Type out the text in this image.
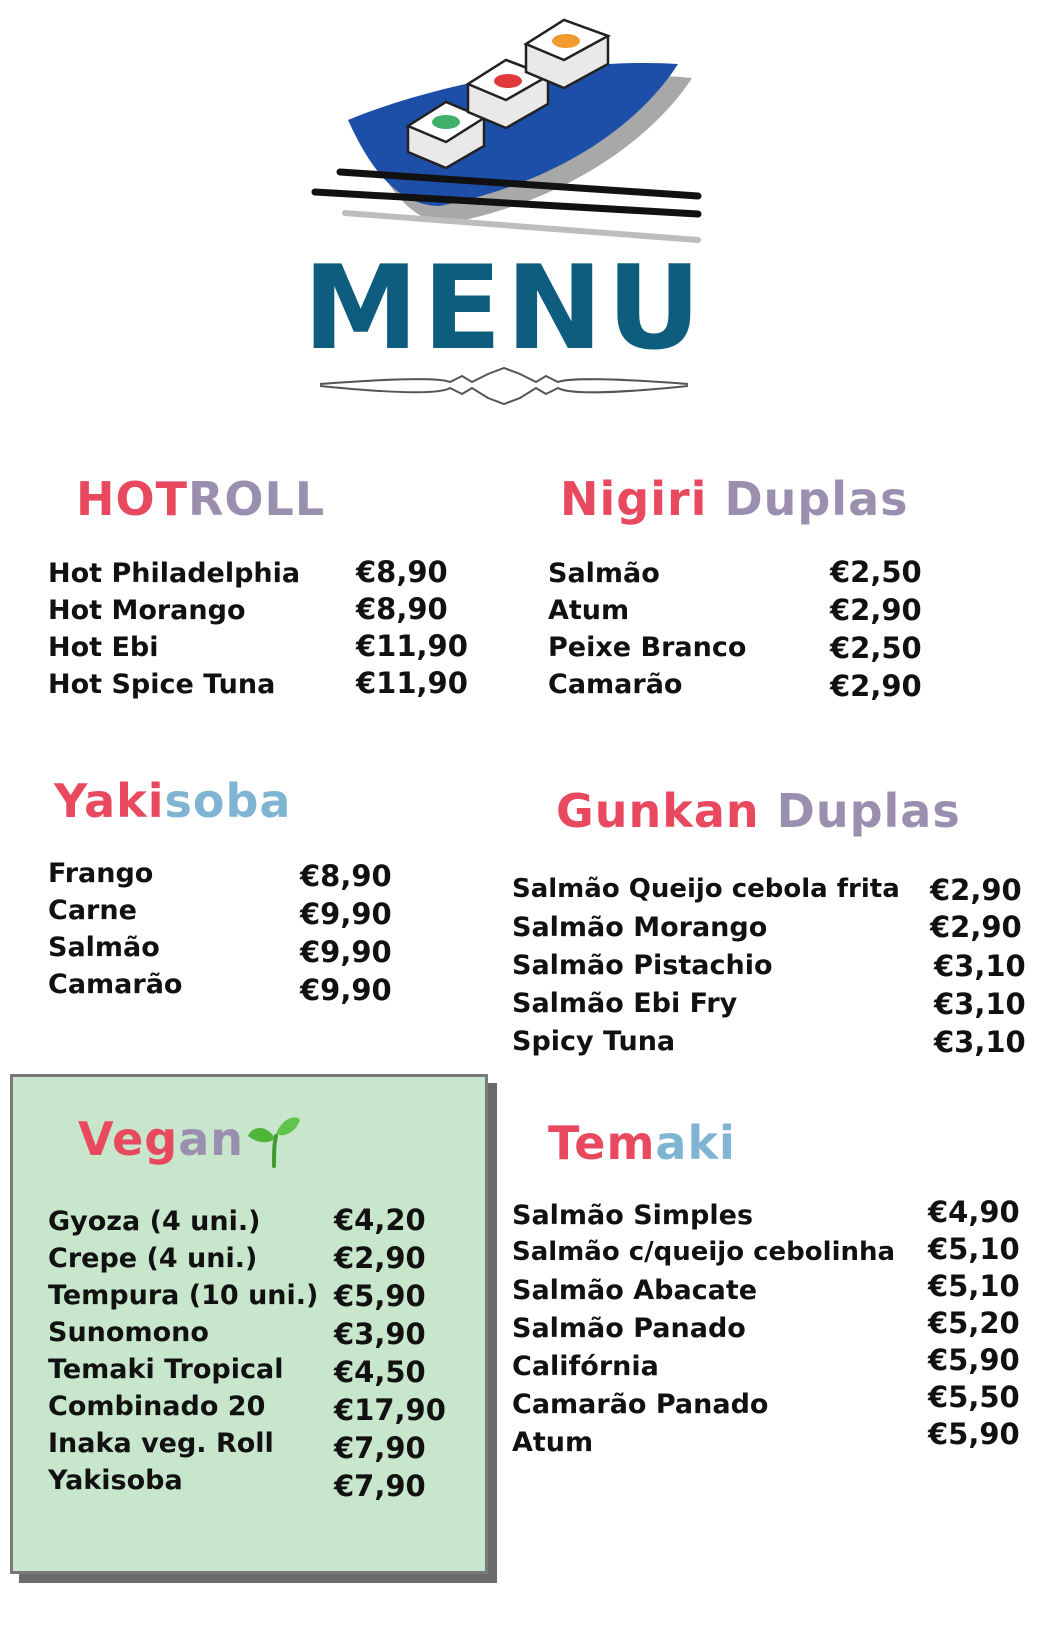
MENU
HOTROLL
Hot Philadelphia €8,90
Hot Morango	€8,90
Hot Ebi	€11,90
Hot Spice Tuna	€11,90
Nigiri Duplas
Salmão	€2,50
Atum	€2,90
Peixe Branco	€2,50
Camarão	€2,90
Yakisoba
Frango	€8,90
Carne	€9,90
Salmão	€9,90
Camarão	€9,90
Gunkan Duplas
Salmão Queijo cebola frita €2,90
Salmão Morango	€2,90
Salmão Pistachio	€3,10
Salmão Ebi Fry	€3,10
Spicy Tuna	€3,10
Vegan
Gyoza (4 uni.)	€4,20
Crepe (4 uni.)	€2,90
Tempura (10 uni.) €5,90
Sunomono	€3,90
Temaki Tropical €4,50
Combinado 20 €17,90
Inaka veg. Roll €7,90
Yakisoba	€7,90
Temaki
Salmão Simples	€4,90
Salmão c/queijo cebolinha €5,10
Salmão Abacate	€5,10
Salmão Panado	€5,20
Califórnia	€5,90
Camarão Panado	€5,50
Atum	€5,90
